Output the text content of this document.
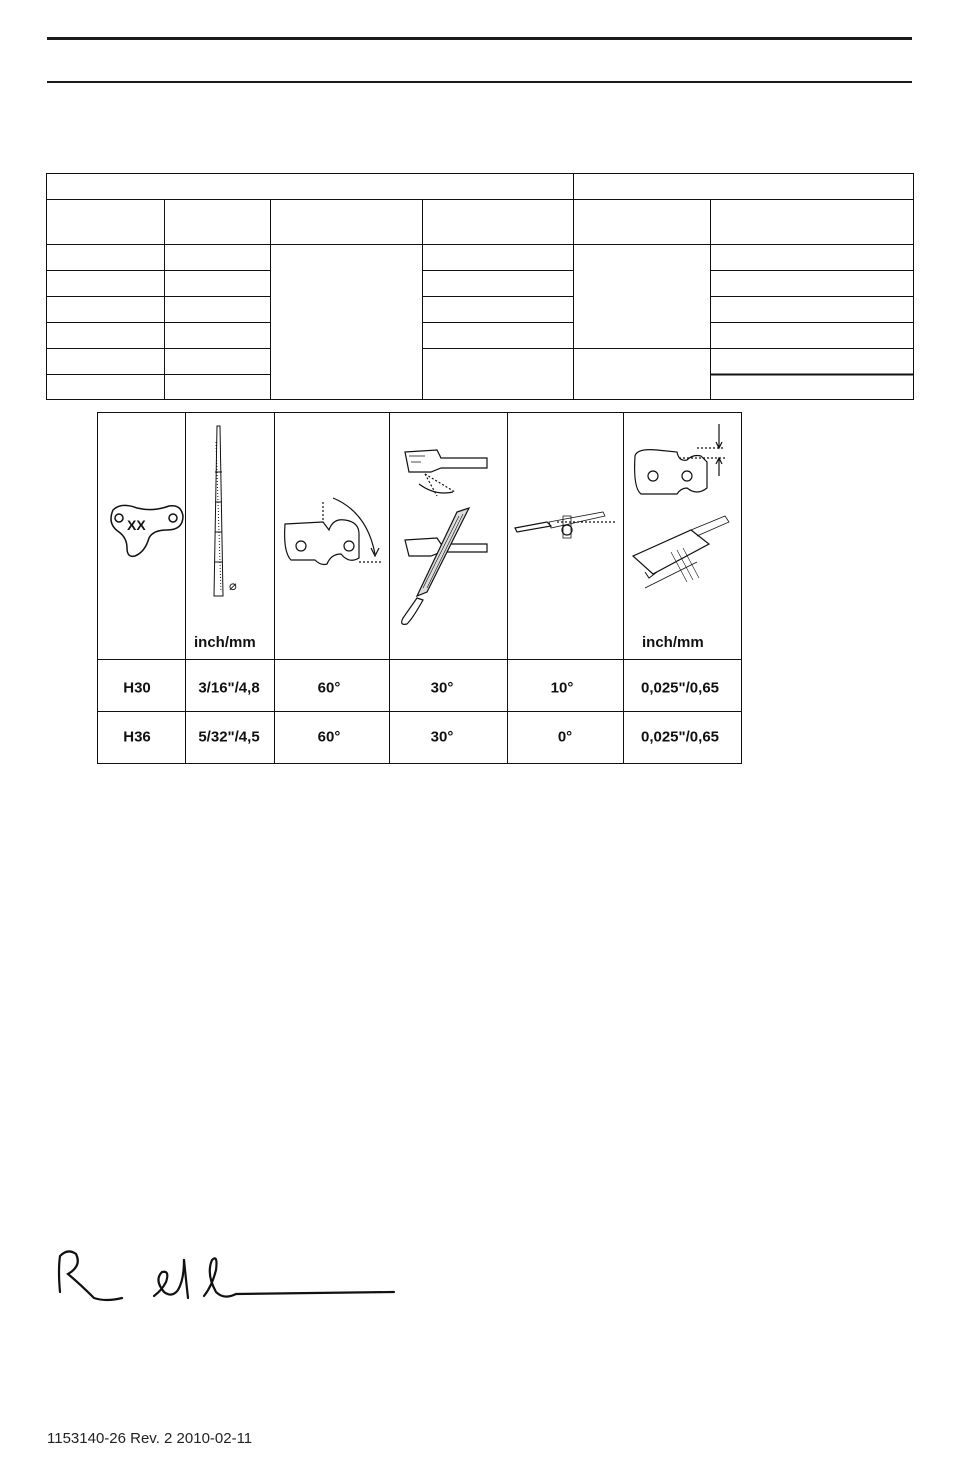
XX
⌀
inch/mm	inch/mm
H30	3/16"/4,8	60°	30°	10°	0,025"/0,65
H36	5/32"/4,5	60°	30°	0°	0,025"/0,65
1153140-26 Rev. 2 2010-02-11
